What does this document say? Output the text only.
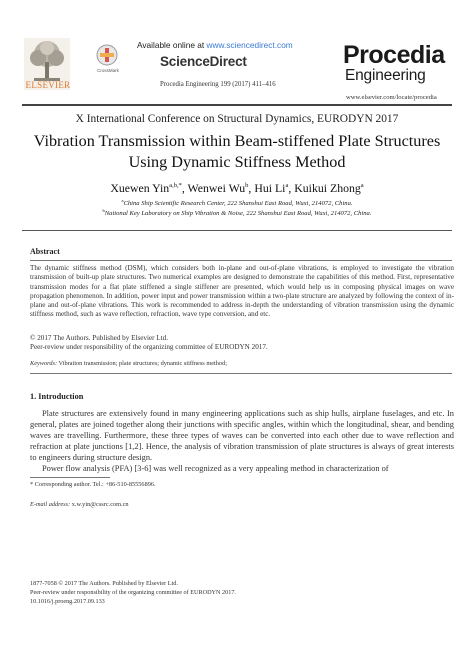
ELSEVIER
CrossMark
Available online at www.sciencedirect.com
ScienceDirect
Procedia Engineering 199 (2017) 411–416
Procedia
Engineering
www.elsevier.com/locate/procedia
X International Conference on Structural Dynamics, EURODYN 2017
Vibration Transmission within Beam-stiffened Plate Structures
Using Dynamic Stiffness Method
Xuewen Yin$^{a,b,*}$, Wenwei Wu$^b$, Hui Li$^a$, Kuikui Zhong$^a$
$^a$China Ship Scientific Research Center, 222 Shanshui East Road, Wuxi, 214072, China.
$^b$National Key Laboratory on Ship Vibration & Noise, 222 Shanshui East Road, Wuxi, 214072, China.
Abstract
The dynamic stiffness method (DSM), which considers both in-plane and out-of-plane vibrations, is employed to investigate the vibration transmission of built-up plate structures. Two numerical examples are designed to demonstrate the capabilities of this method. First, representative transmission modes for a flat plate stiffened a single stiffener are presented, which would help us in composing physical images on wave propagation phenomenon. In addition, power input and power transmission within a two-plate structure are analyzed by following the context of in-plane and out-of-plane vibrations. This work is recommended to address in-depth the understanding of vibration transmission using the dynamic stiffness method, such as wave reflection, refraction, wave type conversion, and etc.
© 2017 The Authors. Published by Elsevier Ltd.
Peer-review under responsibility of the organizing committee of EURODYN 2017.
Keywords: Vibration transmission; plate structures; dynamic stiffness method;
1. Introduction

Plate structures are extensively found in many engineering applications such as ship hulls, airplane fuselages, and etc. In general, plates are joined together along their junctions with specific angles, within which the longitudinal, shear, and bending waves are travelling. Furthermore, these three types of waves can be converted into each other due to wave reflection and refraction at plate junctions [1,2]. Hence, the analysis of vibration transmission of plate structures is always of great interests to engineers during structure design.

Power flow analysis (PFA) [3-6] was well recognized as a very appealing method in characterization of

* Corresponding author. Tel.: +86-510-85556896.
E-mail address: x.w.yin@cssrc.com.cn
1877-7058 © 2017 The Authors. Published by Elsevier Ltd.
Peer-review under responsibility of the organizing committee of EURODYN 2017.
10.1016/j.proeng.2017.09.133
